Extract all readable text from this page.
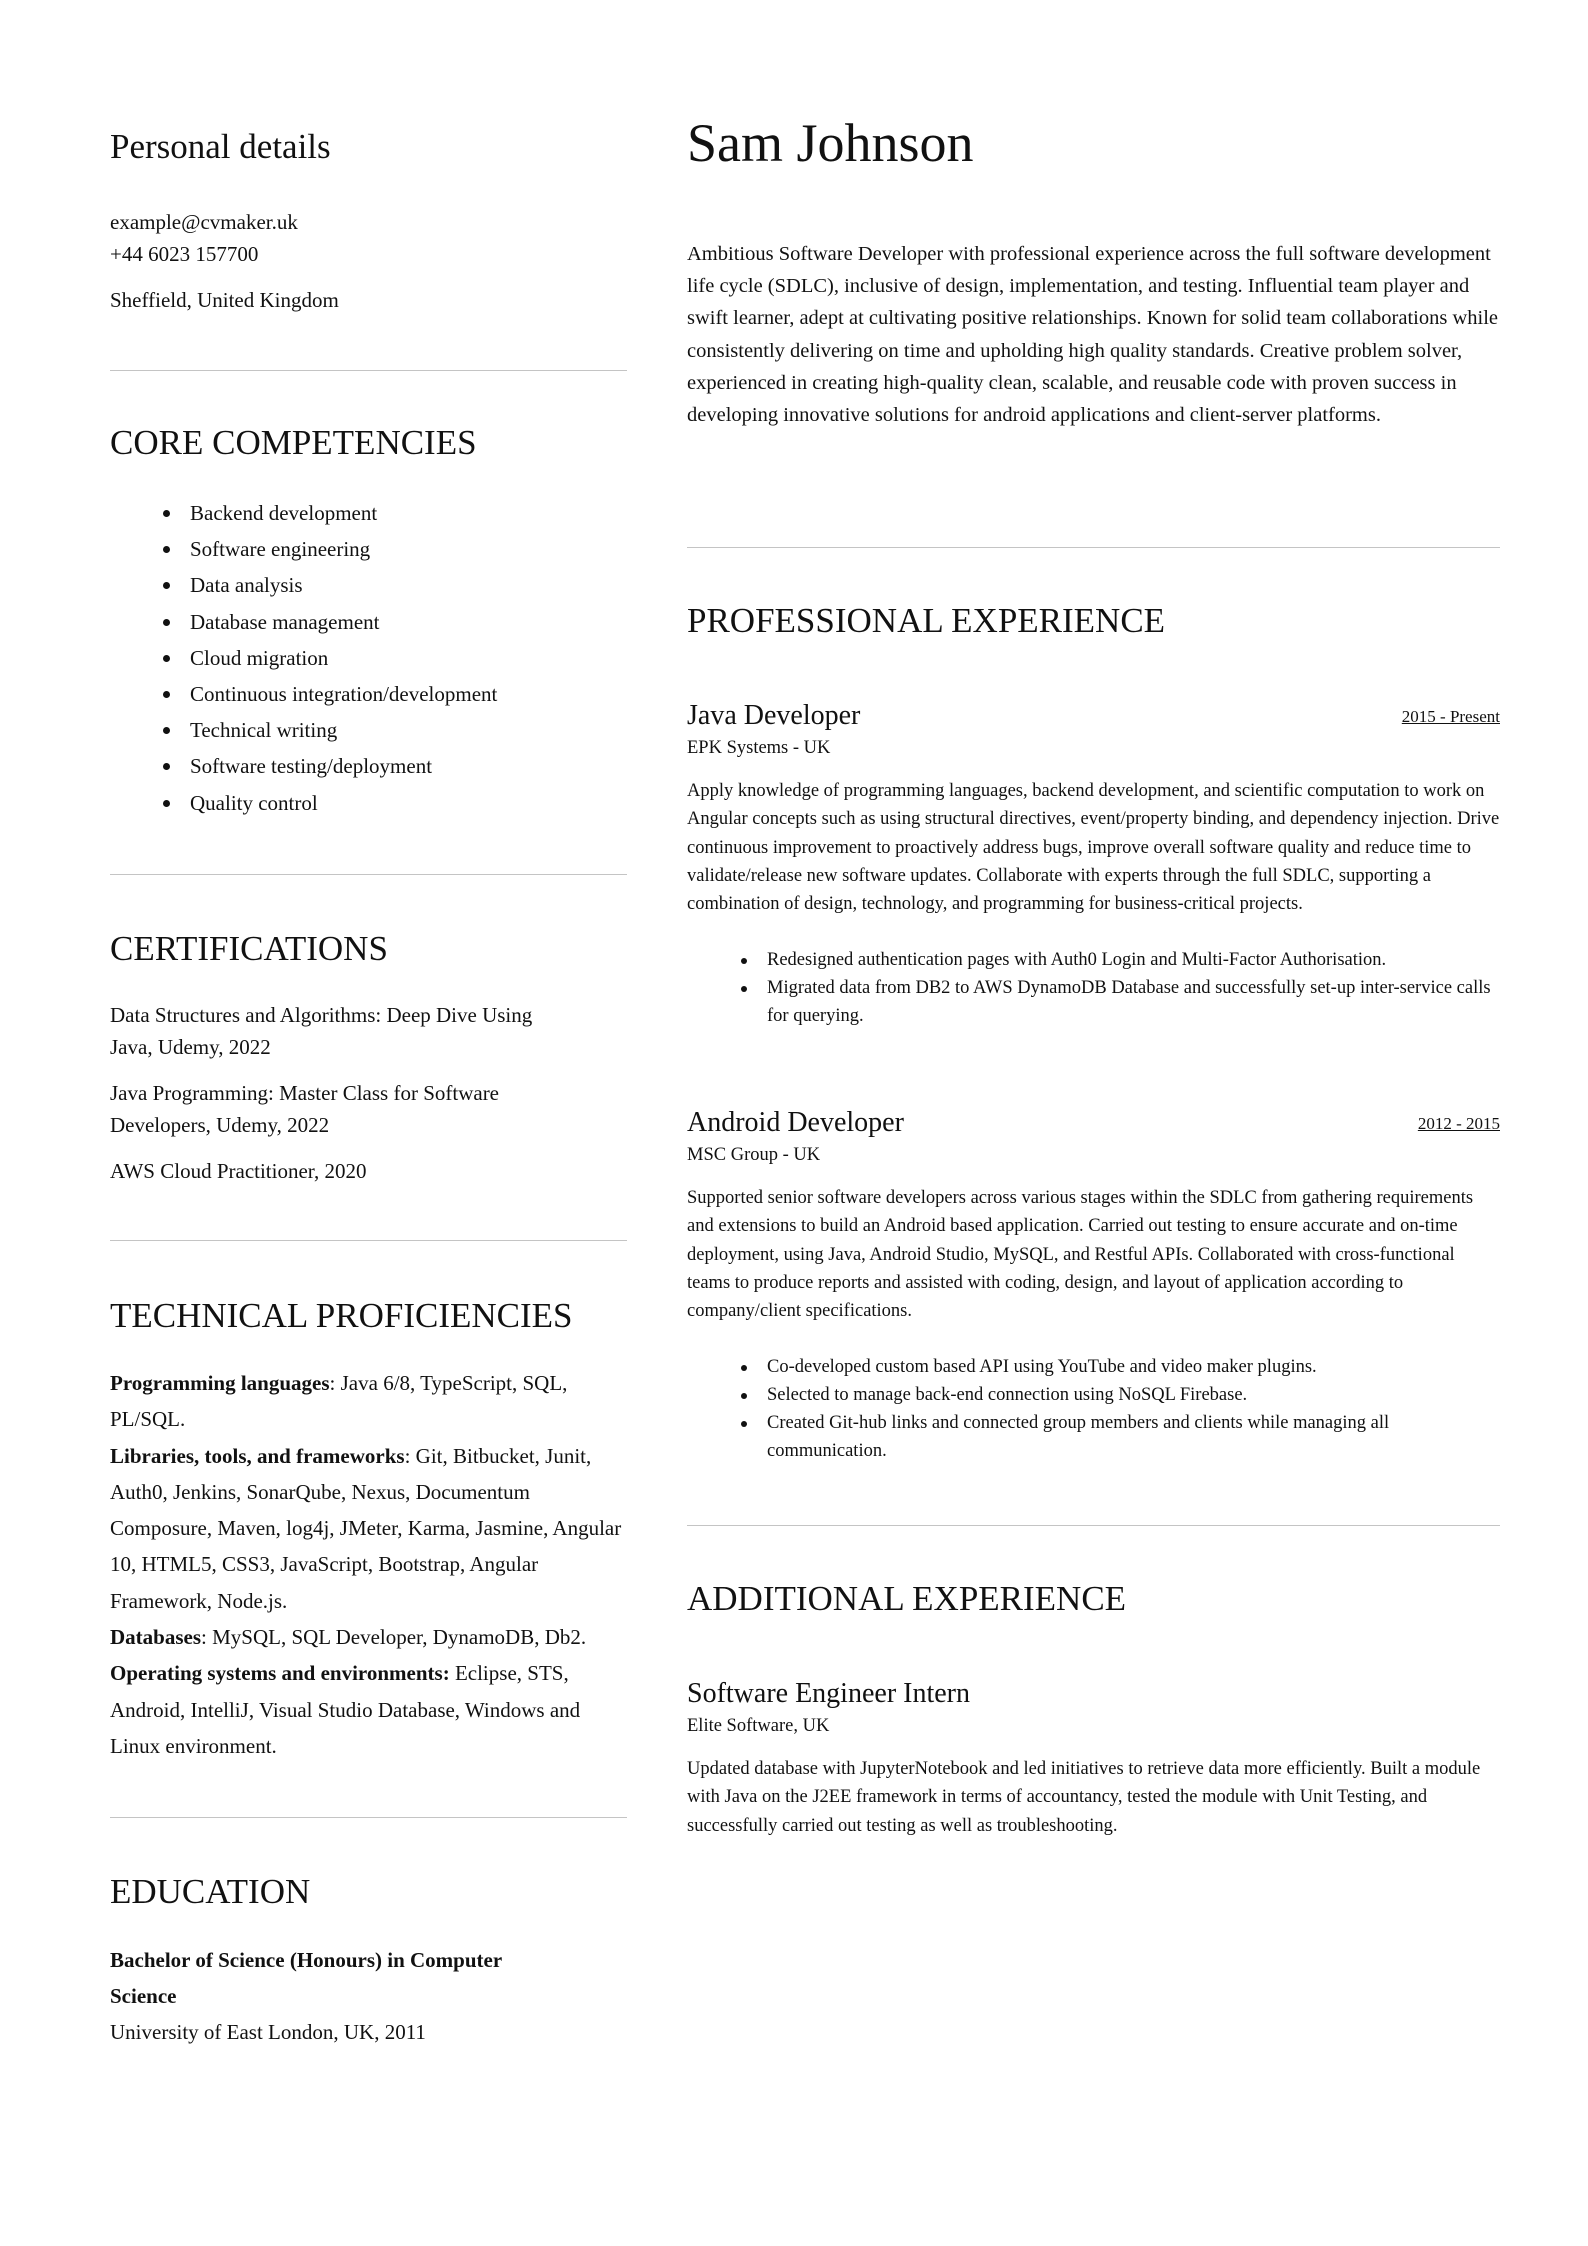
Personal details
example@cvmaker.uk
+44 6023 157700
Sheffield, United Kingdom
CORE COMPETENCIES
Backend development
Software engineering
Data analysis
Database management
Cloud migration
Continuous integration/development
Technical writing
Software testing/deployment
Quality control
CERTIFICATIONS
Data Structures and Algorithms: Deep Dive Using
Java, Udemy, 2022
Java Programming: Master Class for Software
Developers, Udemy, 2022
AWS Cloud Practitioner, 2020
TECHNICAL PROFICIENCIES
Programming languages: Java 6/8, TypeScript, SQL, PL/SQL.
Libraries, tools, and frameworks: Git, Bitbucket, Junit, Auth0, Jenkins, SonarQube, Nexus, Documentum Composure, Maven, log4j, JMeter, Karma, Jasmine, Angular 10, HTML5, CSS3, JavaScript, Bootstrap, Angular Framework, Node.js.
Databases: MySQL, SQL Developer, DynamoDB, Db2.
Operating systems and environments: Eclipse, STS, Android, IntelliJ, Visual Studio Database, Windows and Linux environment.
EDUCATION
Bachelor of Science (Honours) in Computer Science
University of East London, UK, 2011
Sam Johnson
Ambitious Software Developer with professional experience across the full software development life cycle (SDLC), inclusive of design, implementation, and testing. Influential team player and swift learner, adept at cultivating positive relationships. Known for solid team collaborations while consistently delivering on time and upholding high quality standards. Creative problem solver, experienced in creating high-quality clean, scalable, and reusable code with proven success in developing innovative solutions for android applications and client-server platforms.
PROFESSIONAL EXPERIENCE
Java Developer	2015 - Present
EPK Systems - UK
Apply knowledge of programming languages, backend development, and scientific computation to work on Angular concepts such as using structural directives, event/property binding, and dependency injection. Drive continuous improvement to proactively address bugs, improve overall software quality and reduce time to validate/release new software updates. Collaborate with experts through the full SDLC, supporting a combination of design, technology, and programming for business-critical projects.
Redesigned authentication pages with Auth0 Login and Multi-Factor Authorisation.
Migrated data from DB2 to AWS DynamoDB Database and successfully set-up inter-service calls for querying.
Android Developer	2012 - 2015
MSC Group - UK
Supported senior software developers across various stages within the SDLC from gathering requirements and extensions to build an Android based application. Carried out testing to ensure accurate and on-time deployment, using Java, Android Studio, MySQL, and Restful APIs. Collaborated with cross-functional teams to produce reports and assisted with coding, design, and layout of application according to company/client specifications.
Co-developed custom based API using YouTube and video maker plugins.
Selected to manage back-end connection using NoSQL Firebase.
Created Git-hub links and connected group members and clients while managing all communication.
ADDITIONAL EXPERIENCE
Software Engineer Intern
Elite Software, UK
Updated database with JupyterNotebook and led initiatives to retrieve data more efficiently. Built a module with Java on the J2EE framework in terms of accountancy, tested the module with Unit Testing, and successfully carried out testing as well as troubleshooting.
